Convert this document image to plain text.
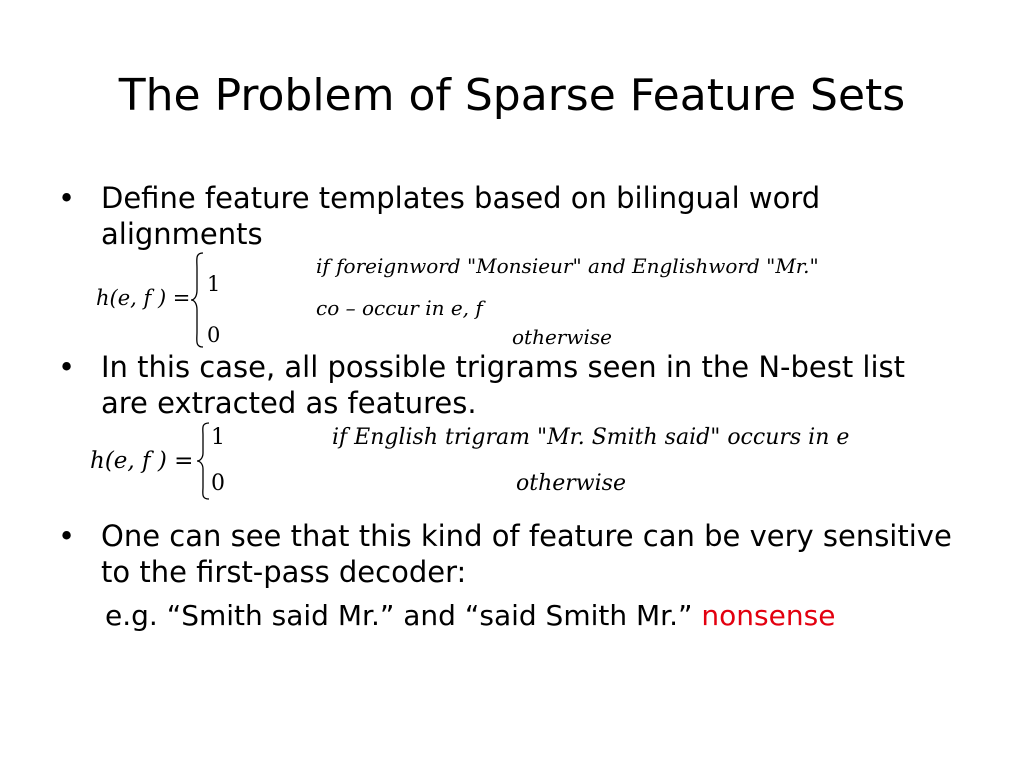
The Problem of Sparse Feature Sets
• Define feature templates based on bilingual word alignments
h(e, f ) =
1
0
if foreignword "Monsieur" and Englishword "Mr."
co – occur in e, f
otherwise
• In this case, all possible trigrams seen in the N-best list are extracted as features.
h(e, f ) =
1
0
if English trigram "Mr. Smith said" occurs in e
otherwise
• One can see that this kind of feature can be very sensitive to the first-pass decoder:
e.g. “Smith said Mr.” and “said Smith Mr.” nonsense
